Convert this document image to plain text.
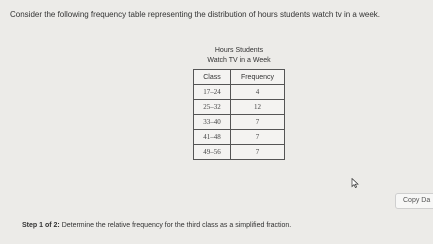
Consider the following frequency table representing the distribution of hours students watch tv in a week.
Hours Students
Watch TV in a Week
Class	Frequency
17–24	4
25–32	12
33–40	7
41–48	7
49–56	7
Copy Da
Step 1 of 2: Determine the relative frequency for the third class as a simplified fraction.
